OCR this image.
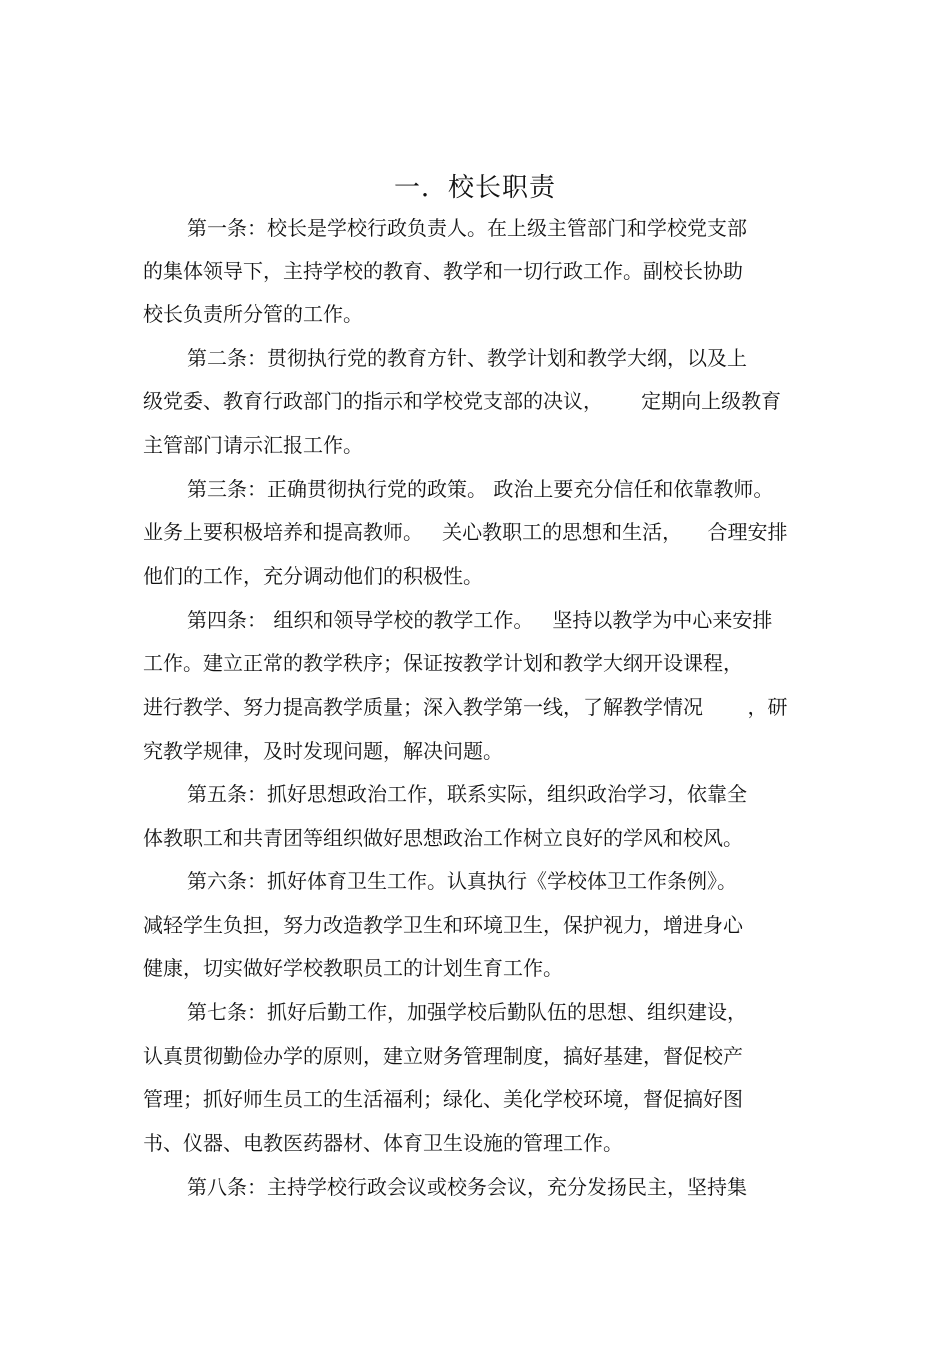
一．校长职责
第一条：校长是学校行政负责人。在上级主管部门和学校党支部
的集体领导下，主持学校的教育、教学和一切行政工作。副校长协助
校长负责所分管的工作。
第二条：贯彻执行党的教育方针、教学计划和教学大纲，以及上
级党委、教育行政部门的指示和学校党支部的决议，      定期向上级教育
主管部门请示汇报工作。
第三条：正确贯彻执行党的政策。 政治上要充分信任和依靠教师。
业务上要积极培养和提高教师。   关心教职工的思想和生活，    合理安排
他们的工作，充分调动他们的积极性。
第四条： 组织和领导学校的教学工作。   坚持以教学为中心来安排
工作。建立正常的教学秩序；保证按教学计划和教学大纲开设课程，
进行教学、努力提高教学质量；深入教学第一线，了解教学情况       ，研
究教学规律，及时发现问题，解决问题。
第五条：抓好思想政治工作，联系实际，组织政治学习，依靠全
体教职工和共青团等组织做好思想政治工作树立良好的学风和校风。
第六条：抓好体育卫生工作。认真执行《学校体卫工作条例》。
减轻学生负担，努力改造教学卫生和环境卫生，保护视力，增进身心
健康，切实做好学校教职员工的计划生育工作。
第七条：抓好后勤工作，加强学校后勤队伍的思想、组织建设，
认真贯彻勤俭办学的原则，建立财务管理制度，搞好基建，督促校产
管理；抓好师生员工的生活福利；绿化、美化学校环境，督促搞好图
书、仪器、电教医药器材、体育卫生设施的管理工作。
第八条：主持学校行政会议或校务会议，充分发扬民主，坚持集
